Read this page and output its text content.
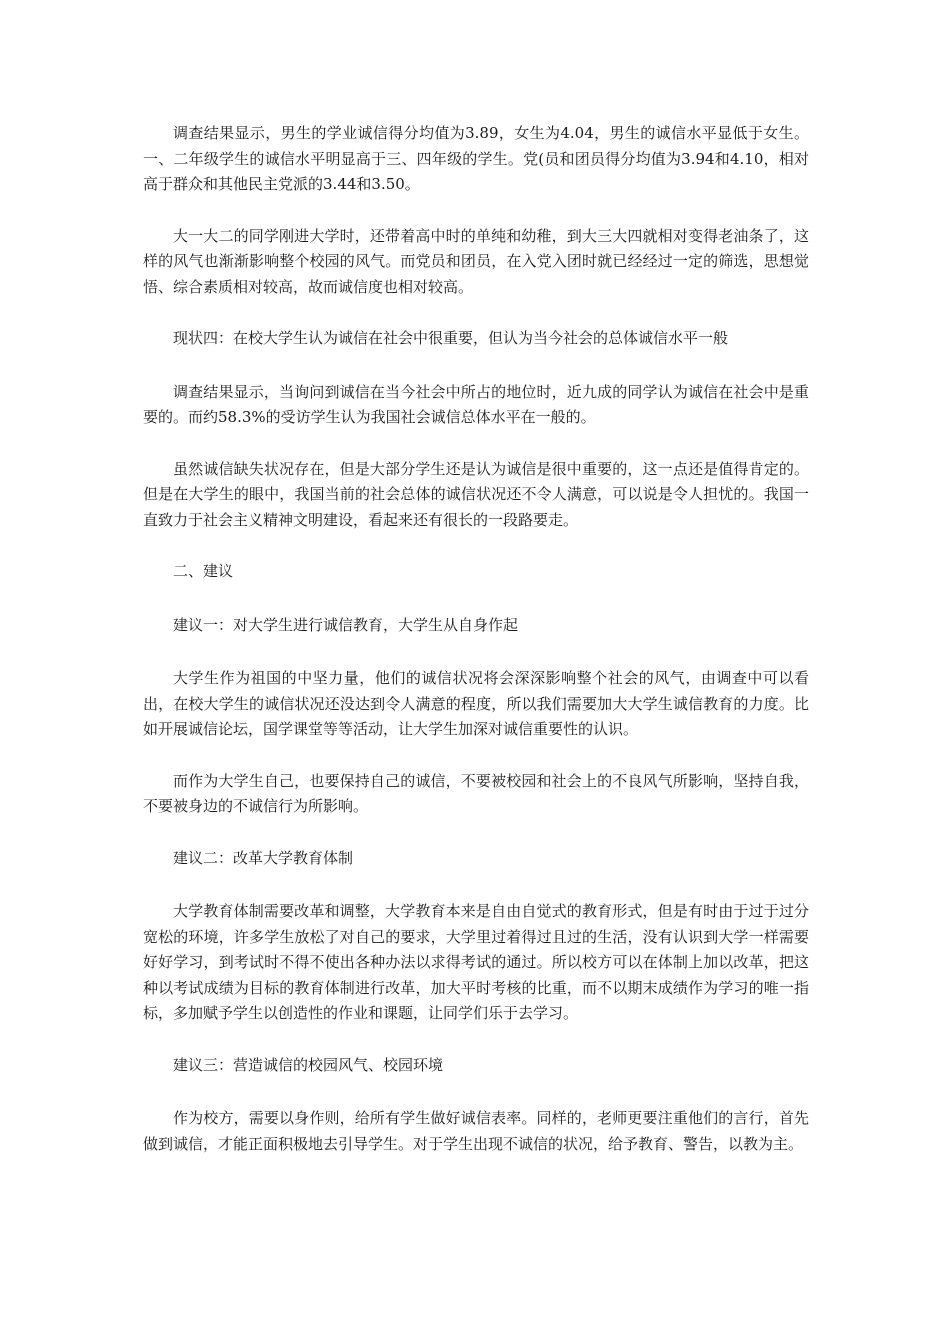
调查结果显示，男生的学业诚信得分均值为3.89，女生为4.04，男生的诚信水平显低于女生。一、二年级学生的诚信水平明显高于三、四年级的学生。党(员和团员得分均值为3.94和4.10，相对高于群众和其他民主党派的3.44和3.50。

大一大二的同学刚进大学时，还带着高中时的单纯和幼稚，到大三大四就相对变得老油条了，这样的风气也渐渐影响整个校园的风气。而党员和团员，在入党入团时就已经经过一定的筛选，思想觉悟、综合素质相对较高，故而诚信度也相对较高。

现状四：在校大学生认为诚信在社会中很重要，但认为当今社会的总体诚信水平一般

调查结果显示，当询问到诚信在当今社会中所占的地位时，近九成的同学认为诚信在社会中是重要的。而约58.3%的受访学生认为我国社会诚信总体水平在一般的。

虽然诚信缺失状况存在，但是大部分学生还是认为诚信是很中重要的，这一点还是值得肯定的。但是在大学生的眼中，我国当前的社会总体的诚信状况还不令人满意，可以说是令人担忧的。我国一直致力于社会主义精神文明建设，看起来还有很长的一段路要走。

二、建议

建议一：对大学生进行诚信教育，大学生从自身作起

大学生作为祖国的中坚力量，他们的诚信状况将会深深影响整个社会的风气，由调查中可以看出，在校大学生的诚信状况还没达到令人满意的程度，所以我们需要加大大学生诚信教育的力度。比如开展诚信论坛，国学课堂等等活动，让大学生加深对诚信重要性的认识。

而作为大学生自己，也要保持自己的诚信，不要被校园和社会上的不良风气所影响，坚持自我，不要被身边的不诚信行为所影响。

建议二：改革大学教育体制

大学教育体制需要改革和调整，大学教育本来是自由自觉式的教育形式，但是有时由于过于过分宽松的环境，许多学生放松了对自己的要求，大学里过着得过且过的生活，没有认识到大学一样需要好好学习，到考试时不得不使出各种办法以求得考试的通过。所以校方可以在体制上加以改革，把这种以考试成绩为目标的教育体制进行改革，加大平时考核的比重，而不以期末成绩作为学习的唯一指标，多加赋予学生以创造性的作业和课题，让同学们乐于去学习。

建议三：营造诚信的校园风气、校园环境

作为校方，需要以身作则，给所有学生做好诚信表率。同样的，老师更要注重他们的言行，首先做到诚信，才能正面积极地去引导学生。对于学生出现不诚信的状况，给予教育、警告，以教为主。
